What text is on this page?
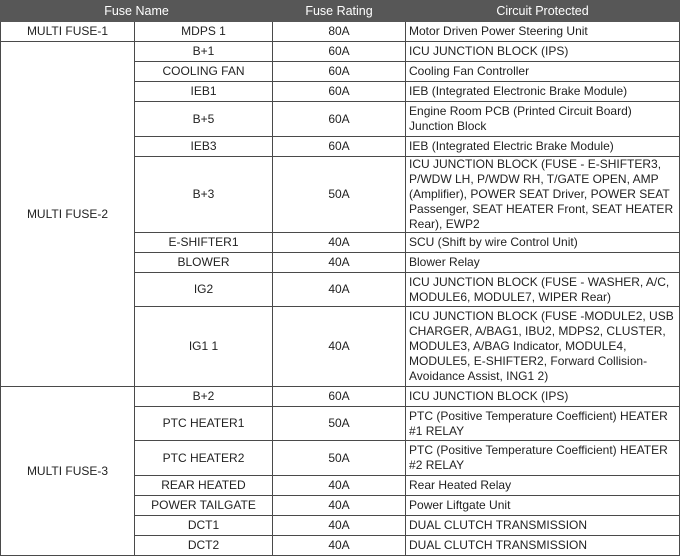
Fuse Name		Fuse Rating	Circuit Protected
MULTI FUSE-1	MDPS 1	80A	Motor Driven Power Steering Unit
MULTI FUSE-2	B+1	60A	ICU JUNCTION BLOCK (IPS)
	COOLING FAN	60A	Cooling Fan Controller
	IEB1	60A	IEB (Integrated Electronic Brake Module)
	B+5	60A	Engine Room PCB (Printed Circuit Board) Junction Block
	IEB3	60A	IEB (Integrated Electric Brake Module)
	B+3	50A	ICU JUNCTION BLOCK (FUSE - E-SHIFTER3, P/WDW LH, P/WDW RH, T/GATE OPEN, AMP (Amplifier), POWER SEAT Driver, POWER SEAT Passenger, SEAT HEATER Front, SEAT HEATER Rear), EWP2
	E-SHIFTER1	40A	SCU (Shift by wire Control Unit)
	BLOWER	40A	Blower Relay
	IG2	40A	ICU JUNCTION BLOCK (FUSE - WASHER, A/C, MODULE6, MODULE7, WIPER Rear)
	IG1 1	40A	ICU JUNCTION BLOCK (FUSE -MODULE2, USB CHARGER, A/BAG1, IBU2, MDPS2, CLUSTER, MODULE3, A/BAG Indicator, MODULE4, MODULE5, E-SHIFTER2, Forward Collision-Avoidance Assist, ING1 2)
MULTI FUSE-3	B+2	60A	ICU JUNCTION BLOCK (IPS)
	PTC HEATER1	50A	PTC (Positive Temperature Coefficient) HEATER #1 RELAY
	PTC HEATER2	50A	PTC (Positive Temperature Coefficient) HEATER #2 RELAY
	REAR HEATED	40A	Rear Heated Relay
	POWER TAILGATE	40A	Power Liftgate Unit
	DCT1	40A	DUAL CLUTCH TRANSMISSION
	DCT2	40A	DUAL CLUTCH TRANSMISSION
